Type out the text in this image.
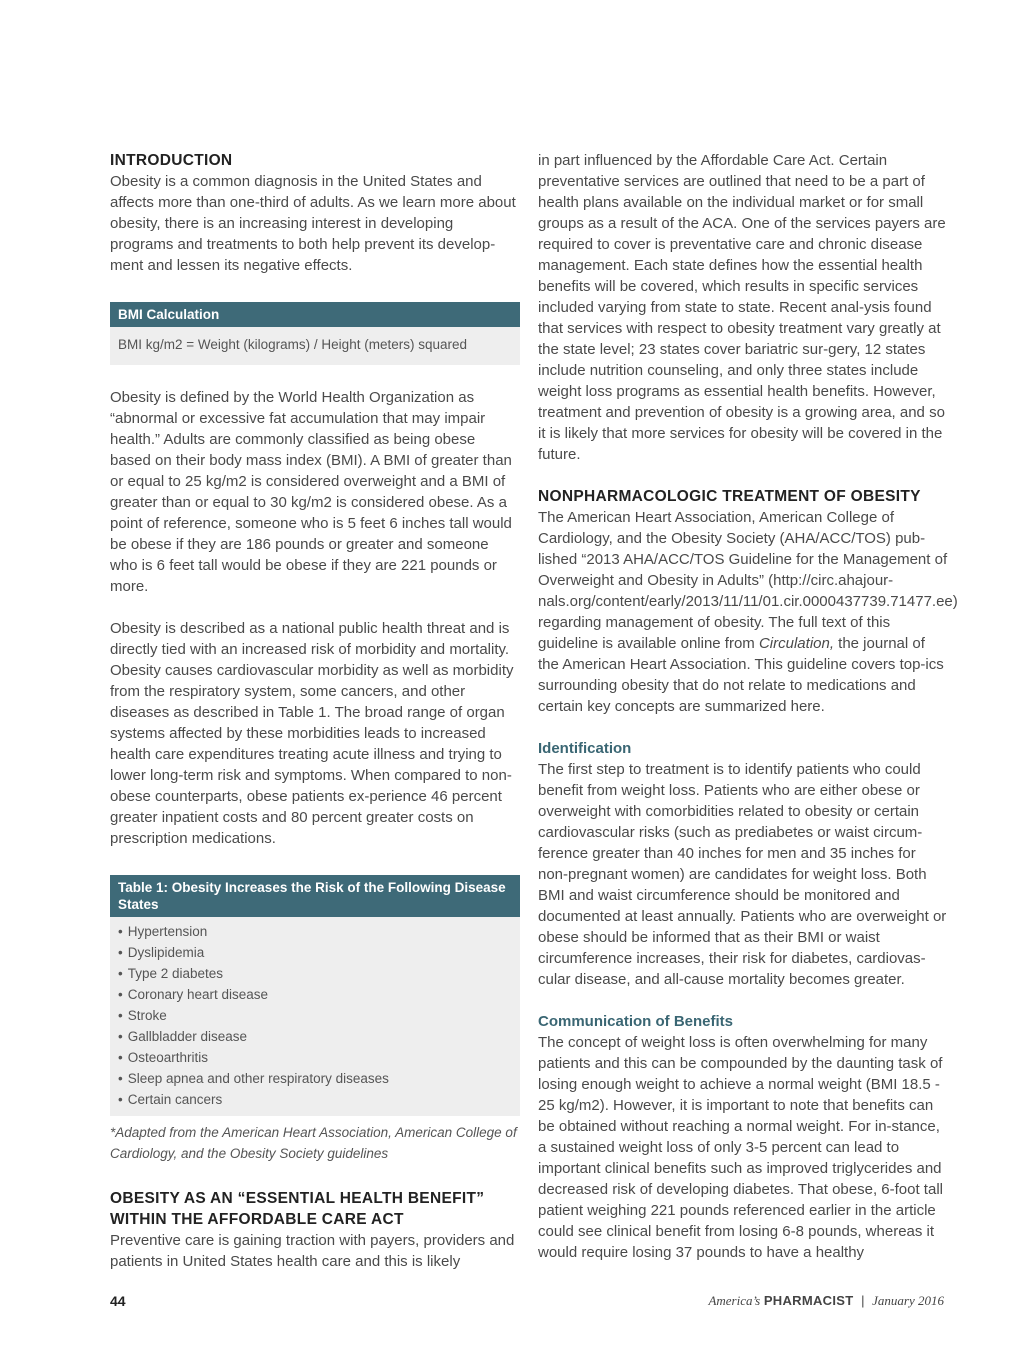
INTRODUCTION

Obesity is a common diagnosis in the United States and affects more than one-third of adults. As we learn more about obesity, there is an increasing interest in developing programs and treatments to both help prevent its develop-ment and lessen its negative effects.

BMI Calculation
BMI kg/m2 = Weight (kilograms) / Height (meters) squared

Obesity is defined by the World Health Organization as “abnormal or excessive fat accumulation that may impair health.” Adults are commonly classified as being obese based on their body mass index (BMI). A BMI of greater than or equal to 25 kg/m2 is considered overweight and a BMI of greater than or equal to 30 kg/m2 is considered obese. As a point of reference, someone who is 5 feet 6 inches tall would be obese if they are 186 pounds or greater and someone who is 6 feet tall would be obese if they are 221 pounds or more.

Obesity is described as a national public health threat and is directly tied with an increased risk of morbidity and mortality. Obesity causes cardiovascular morbidity as well as morbidity from the respiratory system, some cancers, and other diseases as described in Table 1. The broad range of organ systems affected by these morbidities leads to increased health care expenditures treating acute illness and trying to lower long-term risk and symptoms. When compared to non-obese counterparts, obese patients ex-perience 46 percent greater inpatient costs and 80 percent greater costs on prescription medications.

Table 1: Obesity Increases the Risk of the Following Disease States
• Hypertension
• Dyslipidemia
• Type 2 diabetes
• Coronary heart disease
• Stroke
• Gallbladder disease
• Osteoarthritis
• Sleep apnea and other respiratory diseases
• Certain cancers

*Adapted from the American Heart Association, American College of Cardiology, and the Obesity Society guidelines

OBESITY AS AN “ESSENTIAL HEALTH BENEFIT” WITHIN THE AFFORDABLE CARE ACT

Preventive care is gaining traction with payers, providers and patients in United States health care and this is likely

in part influenced by the Affordable Care Act. Certain preventative services are outlined that need to be a part of health plans available on the individual market or for small groups as a result of the ACA. One of the services payers are required to cover is preventative care and chronic disease management. Each state defines how the essential health benefits will be covered, which results in specific services included varying from state to state. Recent anal-ysis found that services with respect to obesity treatment vary greatly at the state level; 23 states cover bariatric sur-gery, 12 states include nutrition counseling, and only three states include weight loss programs as essential health benefits. However, treatment and prevention of obesity is a growing area, and so it is likely that more services for obesity will be covered in the future.

NONPHARMACOLOGIC TREATMENT OF OBESITY

The American Heart Association, American College of Cardiology, and the Obesity Society (AHA/ACC/TOS) pub-lished “2013 AHA/ACC/TOS Guideline for the Management of Overweight and Obesity in Adults” (http://circ.ahajour-nals.org/content/early/2013/11/11/01.cir.0000437739.71477.ee) regarding management of obesity. The full text of this guideline is available online from Circulation, the journal of the American Heart Association. This guideline covers top-ics surrounding obesity that do not relate to medications and certain key concepts are summarized here.

Identification

The first step to treatment is to identify patients who could benefit from weight loss. Patients who are either obese or overweight with comorbidities related to obesity or certain cardiovascular risks (such as prediabetes or waist circum-ference greater than 40 inches for men and 35 inches for non-pregnant women) are candidates for weight loss. Both BMI and waist circumference should be monitored and documented at least annually. Patients who are overweight or obese should be informed that as their BMI or waist circumference increases, their risk for diabetes, cardiovas-cular disease, and all-cause mortality becomes greater.

Communication of Benefits

The concept of weight loss is often overwhelming for many patients and this can be compounded by the daunting task of losing enough weight to achieve a normal weight (BMI 18.5 - 25 kg/m2). However, it is important to note that benefits can be obtained without reaching a normal weight. For in-stance, a sustained weight loss of only 3-5 percent can lead to important clinical benefits such as improved triglycerides and decreased risk of developing diabetes. That obese, 6-foot tall patient weighing 221 pounds referenced earlier in the article could see clinical benefit from losing 6-8 pounds, whereas it would require losing 37 pounds to have a healthy

44	America’s PHARMACIST | January 2016
